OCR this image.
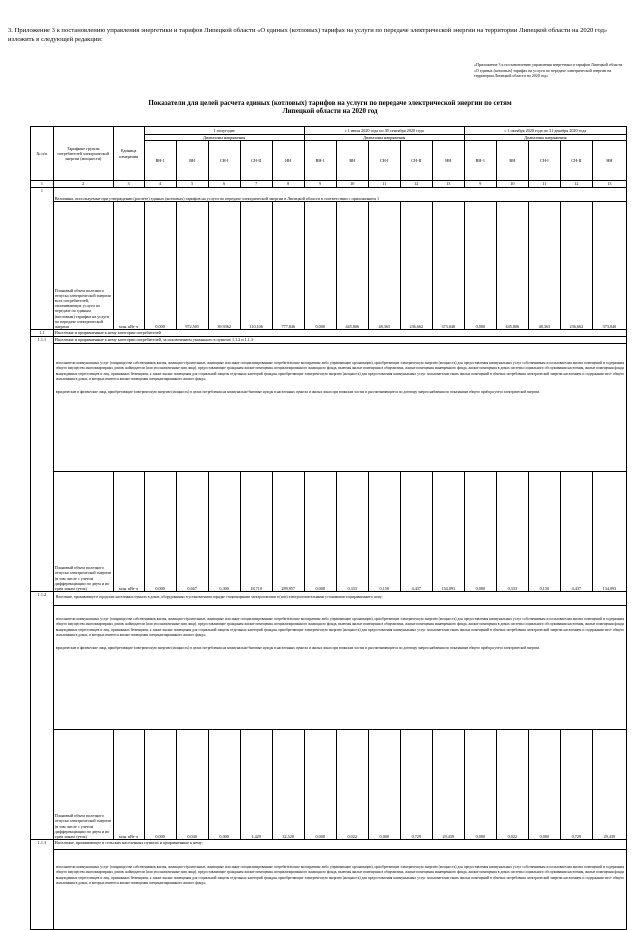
3. Приложение 3 к постановлению управления энергетики и тарифов Липецкой области «О единых (котловых) тарифах на услуги по передаче электрической энергии на территории Липецкой области на 2020 год» изложить в следующей редакции:
«Приложение 3 к постановлению управления энергетики и тарифов Липецкой области «О единых (котловых) тарифах на услуги по передаче электрической энергии на территории Липецкой области на 2020 год»
Показатели для целей расчета единых (котловых) тарифов на услуги по передаче электрической энергии по сетям Липецкой области на 2020 год
№ п/п	Тарифные группы потребителей электрической энергии (мощности)	Единица измерения	1 полугодие					с 1 июля 2020 года по 30 сентября 2020 года					с 1 октября 2020 года по 31 декабря 2020 года				
			Диапазоны напряжения					Диапазоны напряжения					Диапазоны напряжения				
			ВН-1	ВН	СН-I	СН-II	НН	ВН-1	ВН	СН-I	СН-II	НН	ВН-1	ВН	СН-I	СН-II	НН
1	2	3	4	5	6	7	8	9	10	11	12	13	9	10	11	12	13
1	Величины, используемые при утверждении (расчете) единых (котловых) тарифов на услуги по передаче электрической энергии в Липецкой области в соответствии с приложением 1																
	Плановый объем полезного отпуска электрической энергии всех потребителей, оплачивающих услуги по передаче по единым (котловым) тарифам на услуги по передаче электрической энергии	млн. кВт·ч	0,000	972,505	39,9362	110,106	777,846	0,000	445,806	48,363	236,662	373,040	0,000	445,806	48,363	236,662	373,040
1.1	Население и приравненные к нему категории потребителей																
1.1.1	Население и приравненные к нему категории потребителей, за исключением указанного в пунктах 1.1.2 и 1.1.3																

	исполнители коммунальных услуг (товарищества собственников жилья, жилищно-строительные, жилищные или иные специализированные потребительские кооперативы либо управляющие организации), приобретающие электрическую энергию (мощность) для предоставления коммунальных услуг собственникам и пользователям жилых помещений и содержания общего имущества многоквартирных домов; наймодатели (или уполномоченные ими лица), предоставляющие гражданам жилые помещения специализированного жилищного фонда, включая жилые помещения в общежитиях, жилые помещения маневренного фонда, жилые помещения в домах системы социального обслуживания населения, жилые помещения фонда вынужденных переселенцев и лиц, признанных беженцами, а также жилые помещения для социальной защиты отдельных категорий граждан, приобретающие электрическую энергию (мощность) для предоставления коммунальных услуг пользователям таких жилых помещений в объемах потребления электрической энергии населением и содержания мест общего пользования в домах, в которых имеются жилые помещения специализированного жилого фонда;
юридические и физические лица, приобретающие электрическую энергию (мощность) в целях потребления на коммунально-бытовые нужды в населенных пунктах и жилых зонах при воинских частях и рассчитывающиеся по договору энергоснабжения по показаниям общего прибора учета электрической энергии.																

	Плановый объем полезного отпуска электрической энергии (в том числе с учетом дифференциации по двум и по трем зонам суток)	млн. кВт·ч	0,000	0,667	0,300	18,710	289,957	0,000	0,333	0,150	4,437	154,093	0,000	0,333	0,150	4,437	134,093
1.1.2	Население, проживающее в городских населенных пунктах в домах, оборудованных в установленном порядке стационарными электроплитами и (или) электроотопительными установками и приравненные к нему:																

	исполнители коммунальных услуг (товарищества собственников жилья, жилищно-строительные, жилищные или иные специализированные потребительские кооперативы либо управляющие организации), приобретающие электрическую энергию (мощность) для предоставления коммунальных услуг собственникам и пользователям жилых помещений и содержания общего имущества многоквартирных домов; наймодатели (или уполномоченные ими лица), предоставляющие гражданам жилые помещения специализированного жилищного фонда, включая жилые помещения в общежитиях, жилые помещения маневренного фонда, жилые помещения в домах системы социального обслуживания населения, жилые помещения фонда вынужденных переселенцев и лиц, признанных беженцами, а также жилые помещения для социальной защиты отдельных категорий граждан, приобретающие электрическую энергию (мощность) для предоставления коммунальных услуг пользователям таких жилых помещений в объемах потребления электрической энергии населением и содержания мест общего пользования в домах, в которых имеются жилые помещения специализированного жилого фонда;
юридические и физические лица, приобретающие электрическую энергию (мощность) в целях потребления на коммунально-бытовые нужды в населенных пунктах и жилых зонах при воинских частях и рассчитывающиеся по договору энергоснабжения по показаниям общего прибора учета электрической энергии.																

	Плановый объем полезного отпуска электрической энергии (в том числе с учетом дифференциации по двум и по трем зонам суток)	млн. кВт·ч	0,000	0,040	0,000	1,429	32,520	0,000	0,022	0,000	0,729	29,439	0,000	0,022	0,000	0,729	29,439
1.1.3	Население, проживающее в сельских населенных пунктах и приравненные к нему:																

	исполнители коммунальных услуг (товарищества собственников жилья, жилищно-строительные, жилищные или иные специализированные потребительские кооперативы либо управляющие организации), приобретающие электрическую энергию (мощность) для предоставления коммунальных услуг собственникам и пользователям жилых помещений и содержания общего имущества многоквартирных домов; наймодатели (или уполномоченные ими лица), предоставляющие гражданам жилые помещения специализированного жилищного фонда, включая жилые помещения в общежитиях, жилые помещения маневренного фонда, жилые помещения в домах системы социального обслуживания населения, жилые помещения фонда вынужденных переселенцев и лиц, признанных беженцами, а также жилые помещения для социальной защиты отдельных категорий граждан, приобретающие электрическую энергию (мощность) для предоставления коммунальных услуг пользователям таких жилых помещений в объемах потребления электрической энергии населением и содержания мест общего пользования в домах, в которых имеются жилые помещения специализированного жилого фонда;																
